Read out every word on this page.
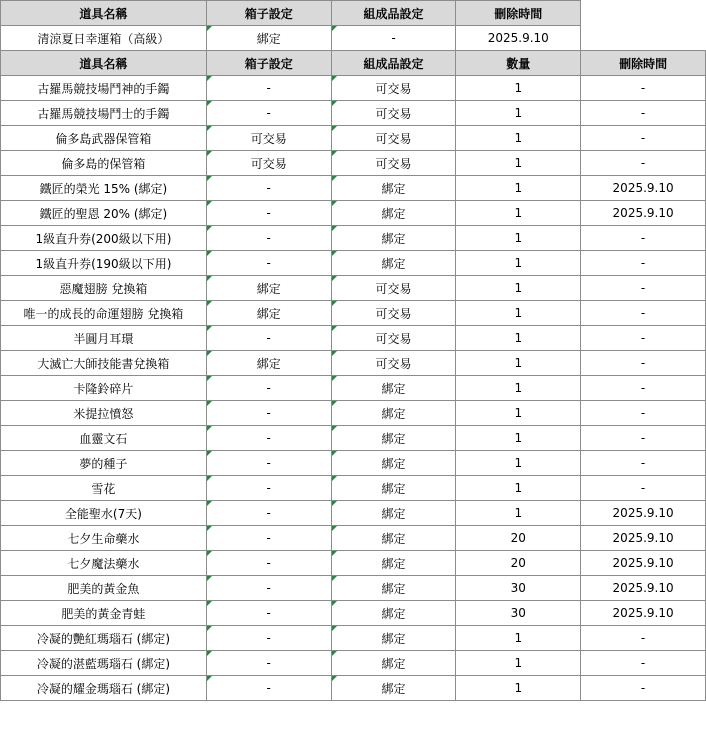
道具名稱	箱子設定	組成品設定	刪除時間	
清涼夏日幸運箱（高級）	綁定	-	2025.9.10	
道具名稱	箱子設定	組成品設定	數量	刪除時間
古羅馬競技場鬥神的手鐲	-	可交易	1	-
古羅馬競技場鬥士的手鐲	-	可交易	1	-
倫多島武器保管箱	可交易	可交易	1	-
倫多島的保管箱	可交易	可交易	1	-
鐵匠的榮光 15% (綁定)	-	綁定	1	2025.9.10
鐵匠的聖恩 20% (綁定)	-	綁定	1	2025.9.10
1級直升券(200級以下用)	-	綁定	1	-
1級直升券(190級以下用)	-	綁定	1	-
惡魔翅膀 兌換箱	綁定	可交易	1	-
唯一的成長的命運翅膀 兌換箱	綁定	可交易	1	-
半圓月耳環	-	可交易	1	-
大滅亡大師技能書兌換箱	綁定	可交易	1	-
卡隆鈴碎片	-	綁定	1	-
米提拉憤怒	-	綁定	1	-
血靈文石	-	綁定	1	-
夢的種子	-	綁定	1	-
雪花	-	綁定	1	-
全能聖水(7天)	-	綁定	1	2025.9.10
七夕生命藥水	-	綁定	20	2025.9.10
七夕魔法藥水	-	綁定	20	2025.9.10
肥美的黃金魚	-	綁定	30	2025.9.10
肥美的黃金青蛙	-	綁定	30	2025.9.10
冷凝的艷紅瑪瑙石 (綁定)	-	綁定	1	-
冷凝的湛藍瑪瑙石 (綁定)	-	綁定	1	-
冷凝的耀金瑪瑙石 (綁定)	-	綁定	1	-
